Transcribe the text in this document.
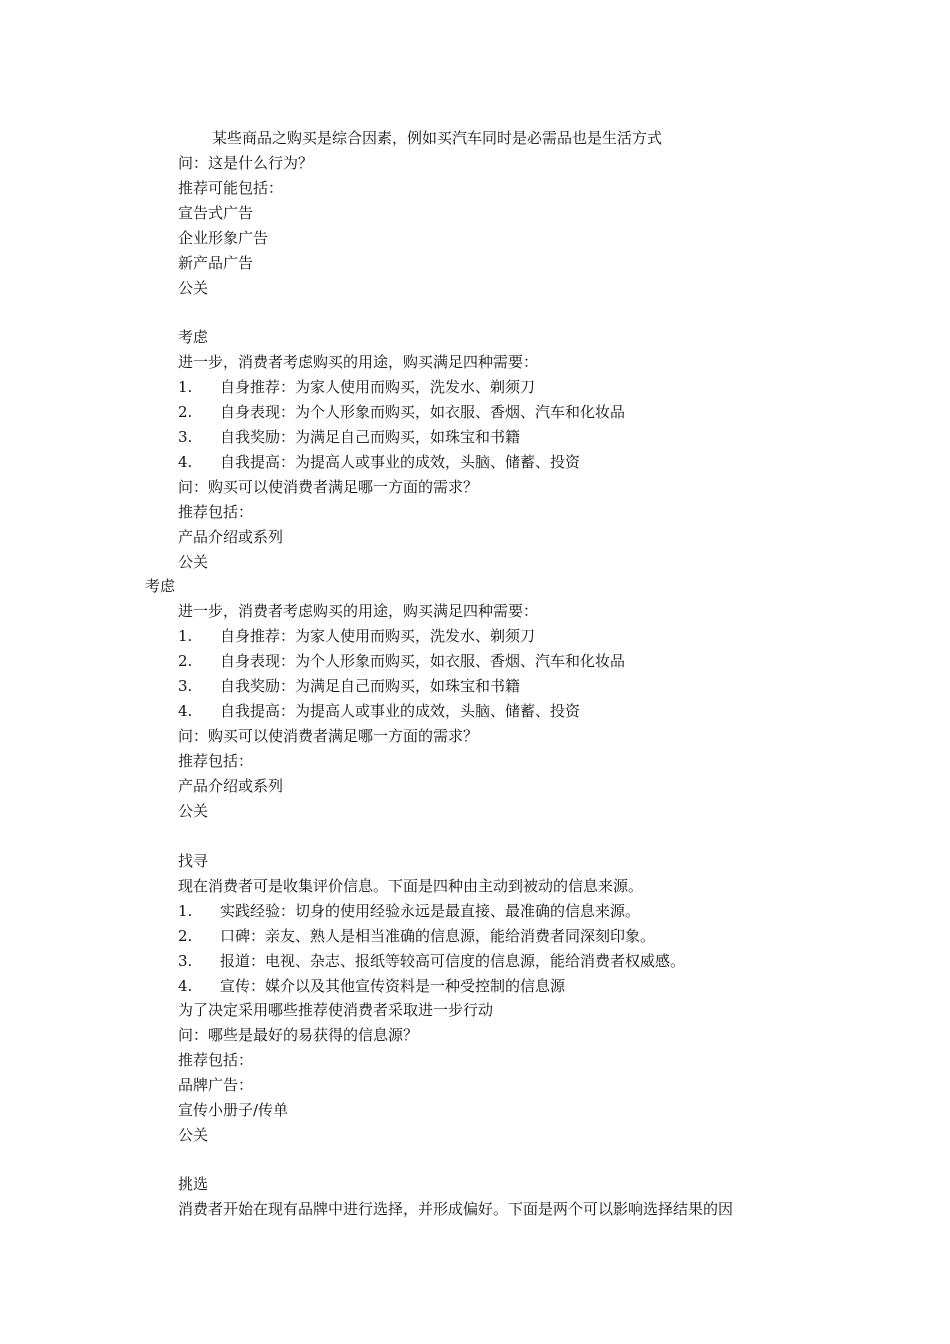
某些商品之购买是综合因素，例如买汽车同时是必需品也是生活方式
问：这是什么行为？
推荐可能包括：
宣告式广告
企业形象广告
新产品广告
公关
考虑
进一步，消费者考虑购买的用途，购买满足四种需要：
1. 自身推荐：为家人使用而购买，洗发水、剃须刀
2. 自身表现：为个人形象而购买，如衣服、香烟、汽车和化妆品
3. 自我奖励：为满足自己而购买，如珠宝和书籍
4. 自我提高：为提高人或事业的成效，头脑、储蓄、投资
问：购买可以使消费者满足哪一方面的需求？
推荐包括：
产品介绍或系列
公关
考虑
进一步，消费者考虑购买的用途，购买满足四种需要：
1. 自身推荐：为家人使用而购买，洗发水、剃须刀
2. 自身表现：为个人形象而购买，如衣服、香烟、汽车和化妆品
3. 自我奖励：为满足自己而购买，如珠宝和书籍
4. 自我提高：为提高人或事业的成效，头脑、储蓄、投资
问：购买可以使消费者满足哪一方面的需求？
推荐包括：
产品介绍或系列
公关
找寻
现在消费者可是收集评价信息。下面是四种由主动到被动的信息来源。
1. 实践经验：切身的使用经验永远是最直接、最准确的信息来源。
2. 口碑：亲友、熟人是相当准确的信息源，能给消费者同深刻印象。
3. 报道：电视、杂志、报纸等较高可信度的信息源，能给消费者权威感。
4. 宣传：媒介以及其他宣传资料是一种受控制的信息源
为了决定采用哪些推荐使消费者采取进一步行动
问：哪些是最好的易获得的信息源？
推荐包括：
品牌广告：
宣传小册子/传单
公关
挑选
消费者开始在现有品牌中进行选择，并形成偏好。下面是两个可以影响选择结果的因
